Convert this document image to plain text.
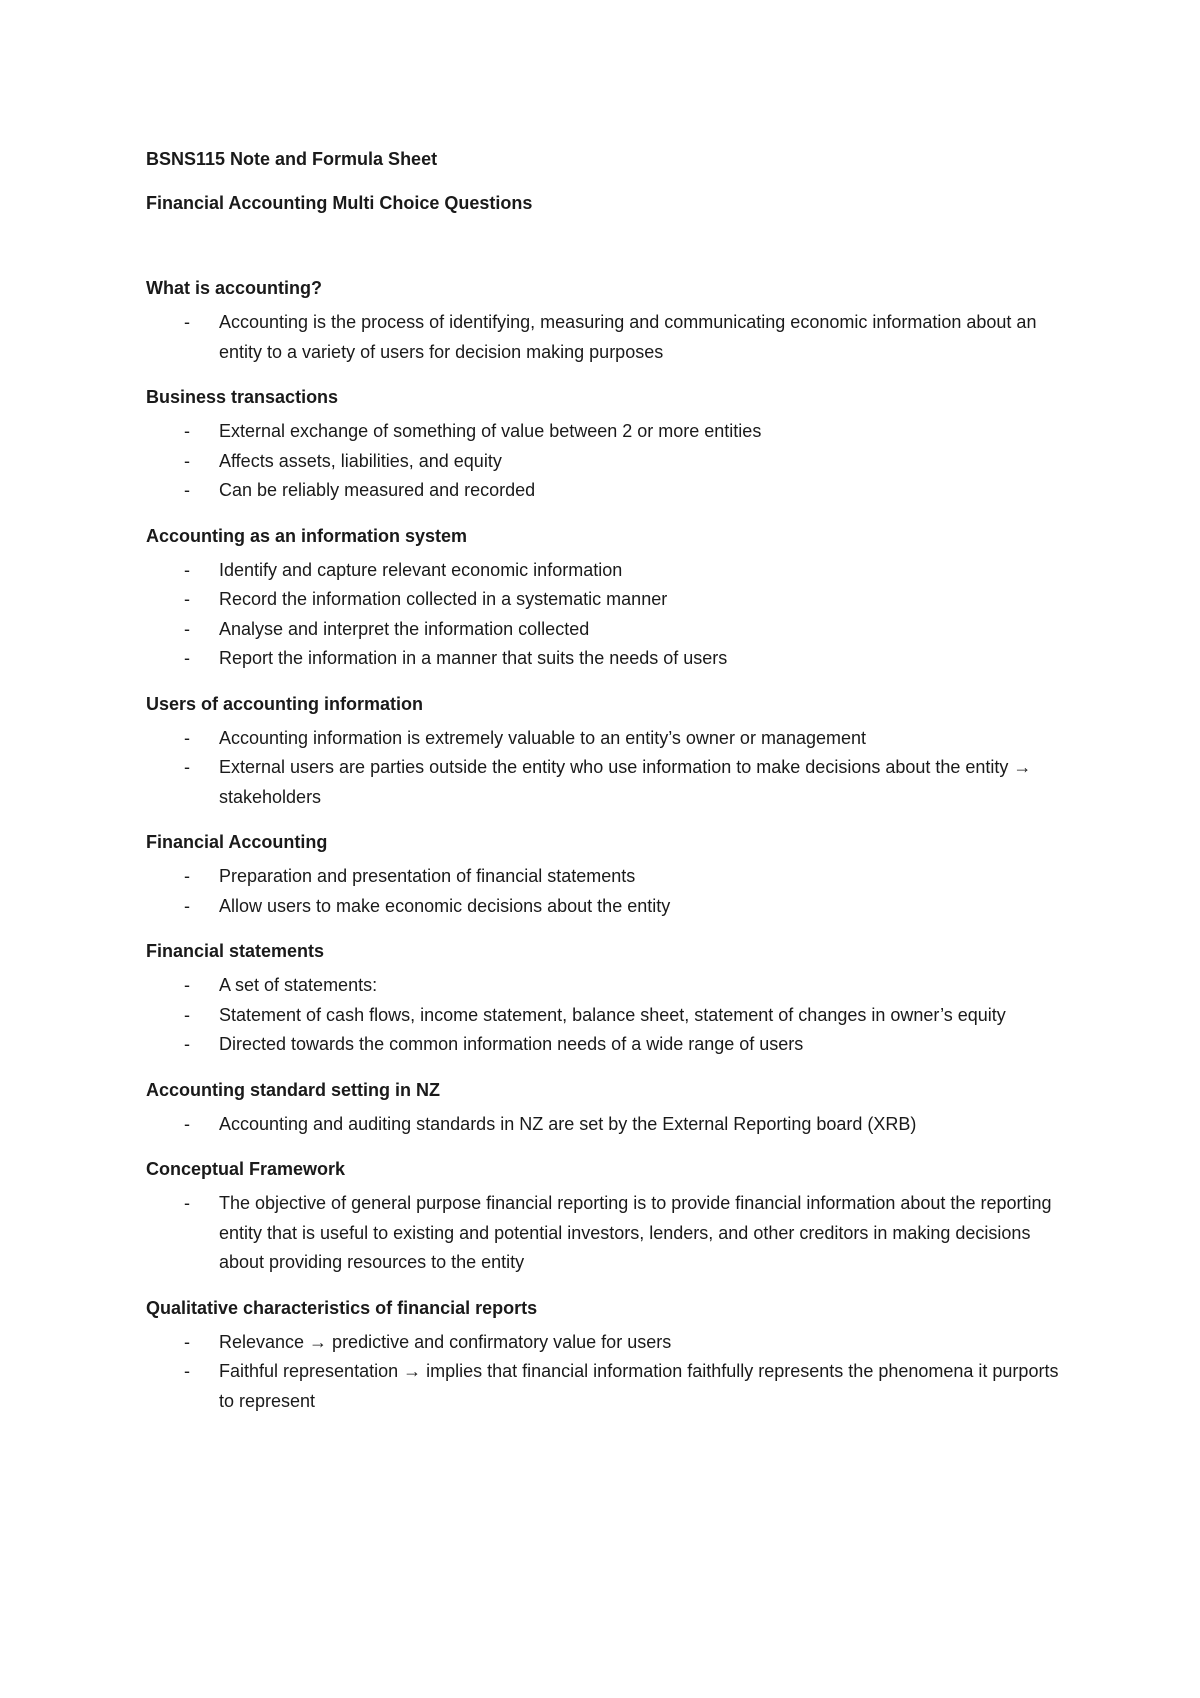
BSNS115 Note and Formula Sheet

Financial Accounting Multi Choice Questions

What is accounting?

- Accounting is the process of identifying, measuring and communicating economic information about an entity to a variety of users for decision making purposes

Business transactions

- External exchange of something of value between 2 or more entities
- Affects assets, liabilities, and equity
- Can be reliably measured and recorded

Accounting as an information system

- Identify and capture relevant economic information
- Record the information collected in a systematic manner
- Analyse and interpret the information collected
- Report the information in a manner that suits the needs of users

Users of accounting information

- Accounting information is extremely valuable to an entity’s owner or management
- External users are parties outside the entity who use information to make decisions about the entity → stakeholders

Financial Accounting

- Preparation and presentation of financial statements
- Allow users to make economic decisions about the entity

Financial statements

- A set of statements:
- Statement of cash flows, income statement, balance sheet, statement of changes in owner’s equity
- Directed towards the common information needs of a wide range of users

Accounting standard setting in NZ

- Accounting and auditing standards in NZ are set by the External Reporting board (XRB)

Conceptual Framework

- The objective of general purpose financial reporting is to provide financial information about the reporting entity that is useful to existing and potential investors, lenders, and other creditors in making decisions about providing resources to the entity

Qualitative characteristics of financial reports

- Relevance → predictive and confirmatory value for users
- Faithful representation → implies that financial information faithfully represents the phenomena it purports to represent
